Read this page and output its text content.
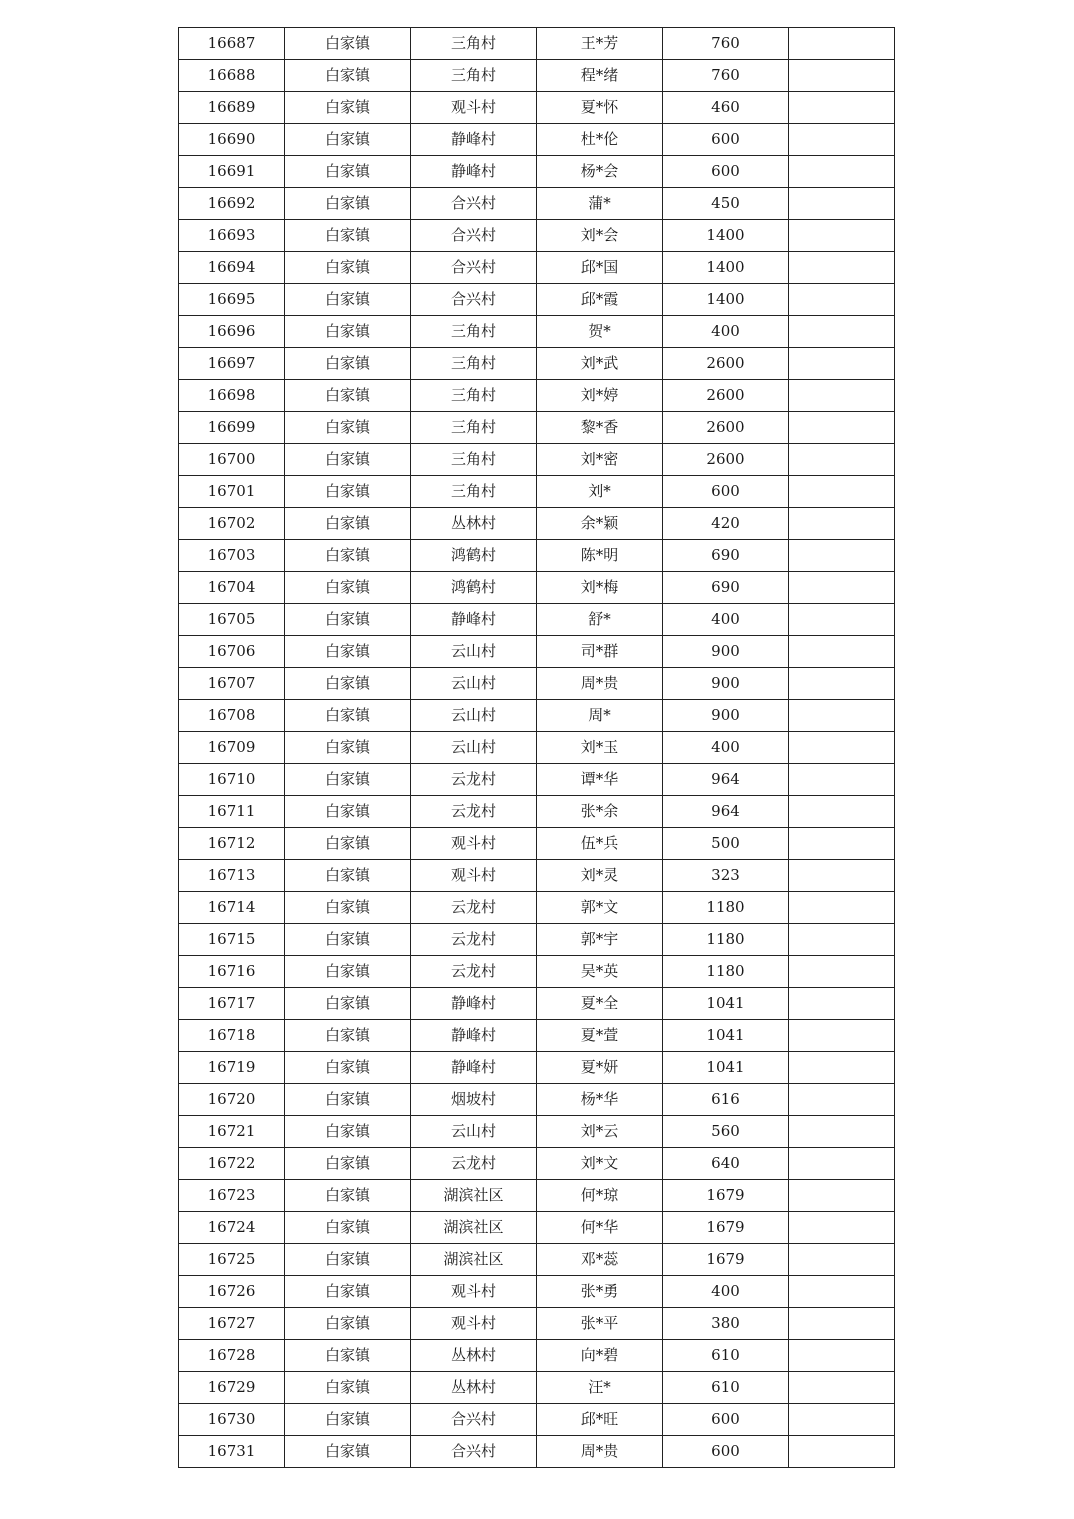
16687	白家镇	三角村	王*芳	760	
16688	白家镇	三角村	程*绪	760	
16689	白家镇	观斗村	夏*怀	460	
16690	白家镇	静峰村	杜*伦	600	
16691	白家镇	静峰村	杨*会	600	
16692	白家镇	合兴村	蒲*	450	
16693	白家镇	合兴村	刘*会	1400	
16694	白家镇	合兴村	邱*国	1400	
16695	白家镇	合兴村	邱*霞	1400	
16696	白家镇	三角村	贺*	400	
16697	白家镇	三角村	刘*武	2600	
16698	白家镇	三角村	刘*婷	2600	
16699	白家镇	三角村	黎*香	2600	
16700	白家镇	三角村	刘*密	2600	
16701	白家镇	三角村	刘*	600	
16702	白家镇	丛林村	余*颖	420	
16703	白家镇	鸿鹤村	陈*明	690	
16704	白家镇	鸿鹤村	刘*梅	690	
16705	白家镇	静峰村	舒*	400	
16706	白家镇	云山村	司*群	900	
16707	白家镇	云山村	周*贵	900	
16708	白家镇	云山村	周*	900	
16709	白家镇	云山村	刘*玉	400	
16710	白家镇	云龙村	谭*华	964	
16711	白家镇	云龙村	张*余	964	
16712	白家镇	观斗村	伍*兵	500	
16713	白家镇	观斗村	刘*灵	323	
16714	白家镇	云龙村	郭*文	1180	
16715	白家镇	云龙村	郭*宇	1180	
16716	白家镇	云龙村	吴*英	1180	
16717	白家镇	静峰村	夏*全	1041	
16718	白家镇	静峰村	夏*萱	1041	
16719	白家镇	静峰村	夏*妍	1041	
16720	白家镇	烟坡村	杨*华	616	
16721	白家镇	云山村	刘*云	560	
16722	白家镇	云龙村	刘*文	640	
16723	白家镇	湖滨社区	何*琼	1679	
16724	白家镇	湖滨社区	何*华	1679	
16725	白家镇	湖滨社区	邓*蕊	1679	
16726	白家镇	观斗村	张*勇	400	
16727	白家镇	观斗村	张*平	380	
16728	白家镇	丛林村	向*碧	610	
16729	白家镇	丛林村	汪*	610	
16730	白家镇	合兴村	邱*旺	600	
16731	白家镇	合兴村	周*贵	600	
